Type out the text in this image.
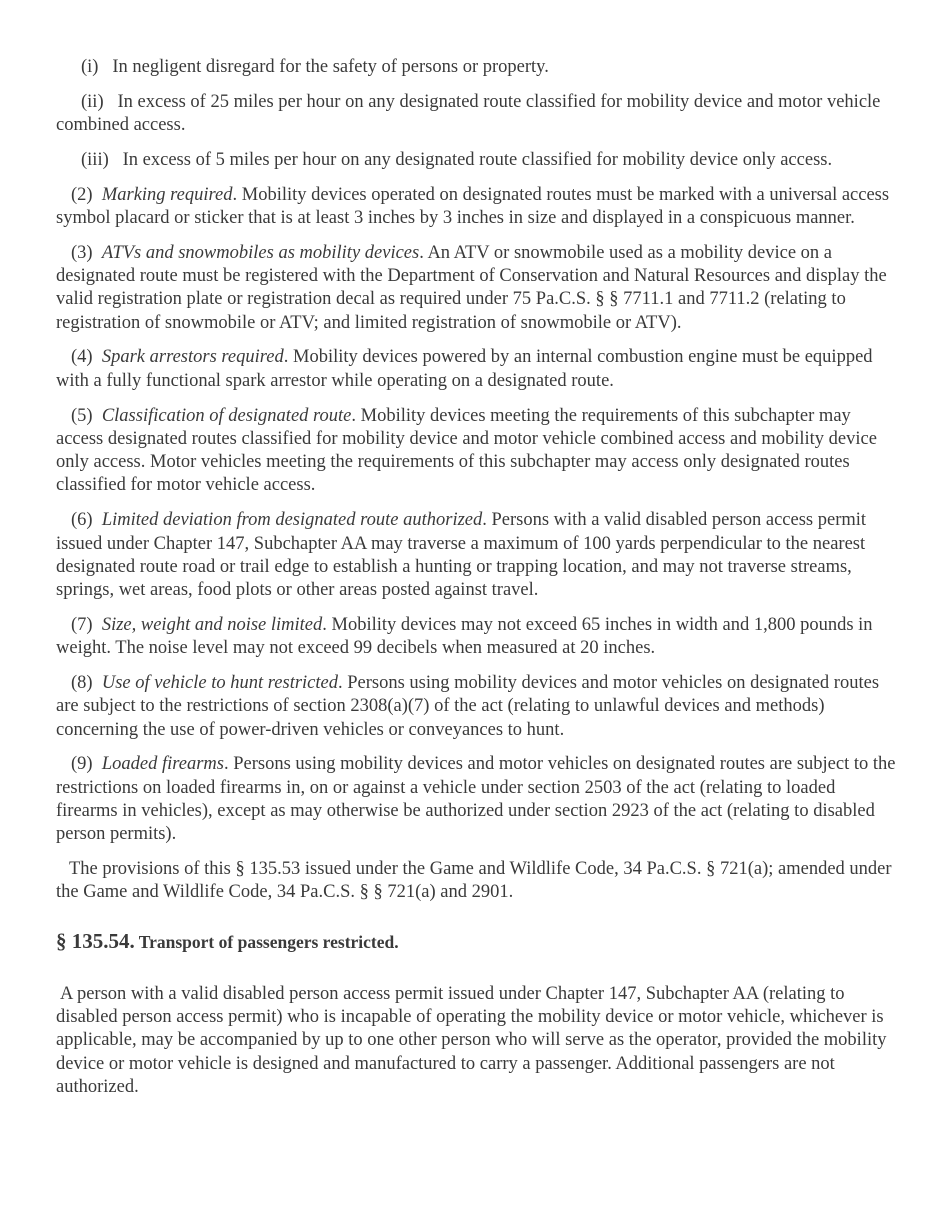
(i) In negligent disregard for the safety of persons or property.

(ii) In excess of 25 miles per hour on any designated route classified for mobility device and motor vehicle combined access.

(iii) In excess of 5 miles per hour on any designated route classified for mobility device only access.

(2) Marking required. Mobility devices operated on designated routes must be marked with a universal access symbol placard or sticker that is at least 3 inches by 3 inches in size and displayed in a conspicuous manner.

(3) ATVs and snowmobiles as mobility devices. An ATV or snowmobile used as a mobility device on a designated route must be registered with the Department of Conservation and Natural Resources and display the valid registration plate or registration decal as required under 75 Pa.C.S. § § 7711.1 and 7711.2 (relating to registration of snowmobile or ATV; and limited registration of snowmobile or ATV).

(4) Spark arrestors required. Mobility devices powered by an internal combustion engine must be equipped with a fully functional spark arrestor while operating on a designated route.

(5) Classification of designated route. Mobility devices meeting the requirements of this subchapter may access designated routes classified for mobility device and motor vehicle combined access and mobility device only access. Motor vehicles meeting the requirements of this subchapter may access only designated routes classified for motor vehicle access.

(6) Limited deviation from designated route authorized. Persons with a valid disabled person access permit issued under Chapter 147, Subchapter AA may traverse a maximum of 100 yards perpendicular to the nearest designated route road or trail edge to establish a hunting or trapping location, and may not traverse streams, springs, wet areas, food plots or other areas posted against travel.

(7) Size, weight and noise limited. Mobility devices may not exceed 65 inches in width and 1,800 pounds in weight. The noise level may not exceed 99 decibels when measured at 20 inches.

(8) Use of vehicle to hunt restricted. Persons using mobility devices and motor vehicles on designated routes are subject to the restrictions of section 2308(a)(7) of the act (relating to unlawful devices and methods) concerning the use of power-driven vehicles or conveyances to hunt.

(9) Loaded firearms. Persons using mobility devices and motor vehicles on designated routes are subject to the restrictions on loaded firearms in, on or against a vehicle under section 2503 of the act (relating to loaded firearms in vehicles), except as may otherwise be authorized under section 2923 of the act (relating to disabled person permits).

The provisions of this § 135.53 issued under the Game and Wildlife Code, 34 Pa.C.S. § 721(a); amended under the Game and Wildlife Code, 34 Pa.C.S. § § 721(a) and 2901.

§ 135.54. Transport of passengers restricted.

A person with a valid disabled person access permit issued under Chapter 147, Subchapter AA (relating to disabled person access permit) who is incapable of operating the mobility device or motor vehicle, whichever is applicable, may be accompanied by up to one other person who will serve as the operator, provided the mobility device or motor vehicle is designed and manufactured to carry a passenger. Additional passengers are not authorized.
